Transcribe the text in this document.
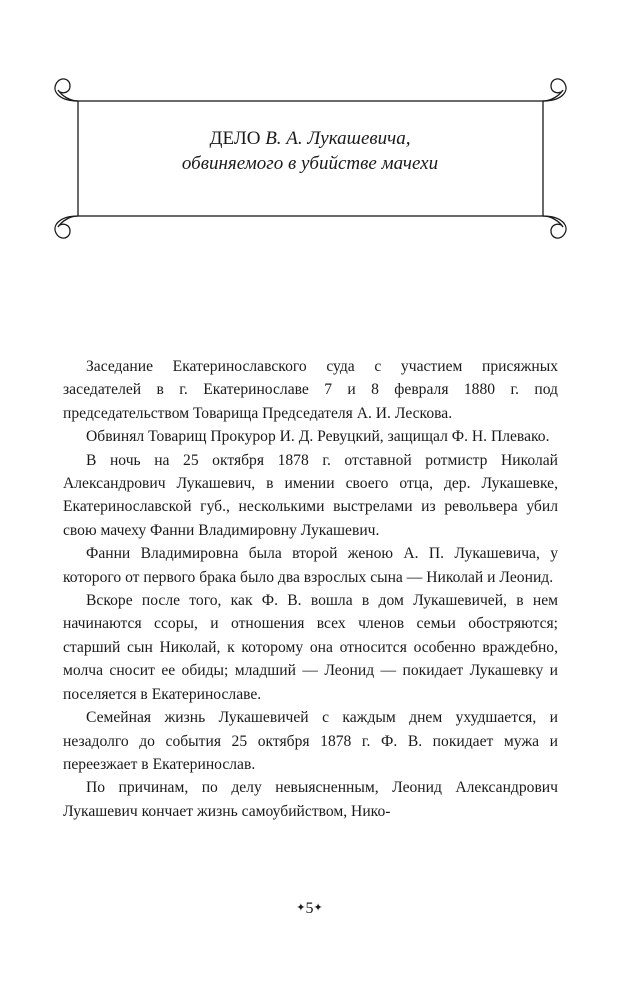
ДЕЛО В. А. Лукашевича,
обвиняемого в убийстве мачехи

Заседание Екатеринославского суда с участием присяжных заседателей в г. Екатеринославе 7 и 8 февраля 1880 г. под председательством Товарища Председателя А. И. Лескова.

Обвинял Товарищ Прокурор И. Д. Ревуцкий, защищал Ф. Н. Плевако.

В ночь на 25 октября 1878 г. отставной ротмистр Николай Александрович Лукашевич, в имении своего отца, дер. Лукашевке, Екатеринославской губ., несколькими выстрелами из револьвера убил свою мачеху Фанни Владимировну Лукашевич.

Фанни Владимировна была второй женою А. П. Лукашевича, у которого от первого брака было два взрослых сына — Николай и Леонид.

Вскоре после того, как Ф. В. вошла в дом Лукашевичей, в нем начинаются ссоры, и отношения всех членов семьи обостряются; старший сын Николай, к которому она относится особенно враждебно, молча сносит ее обиды; младший — Леонид — покидает Лукашевку и поселяется в Екатеринославе.

Семейная жизнь Лукашевичей с каждым днем ухудшается, и незадолго до события 25 октября 1878 г. Ф. В. покидает мужа и переезжает в Екатеринослав.

По причинам, по делу невыясненным, Леонид Александрович Лукашевич кончает жизнь самоубийством, Нико-

✦5✦
